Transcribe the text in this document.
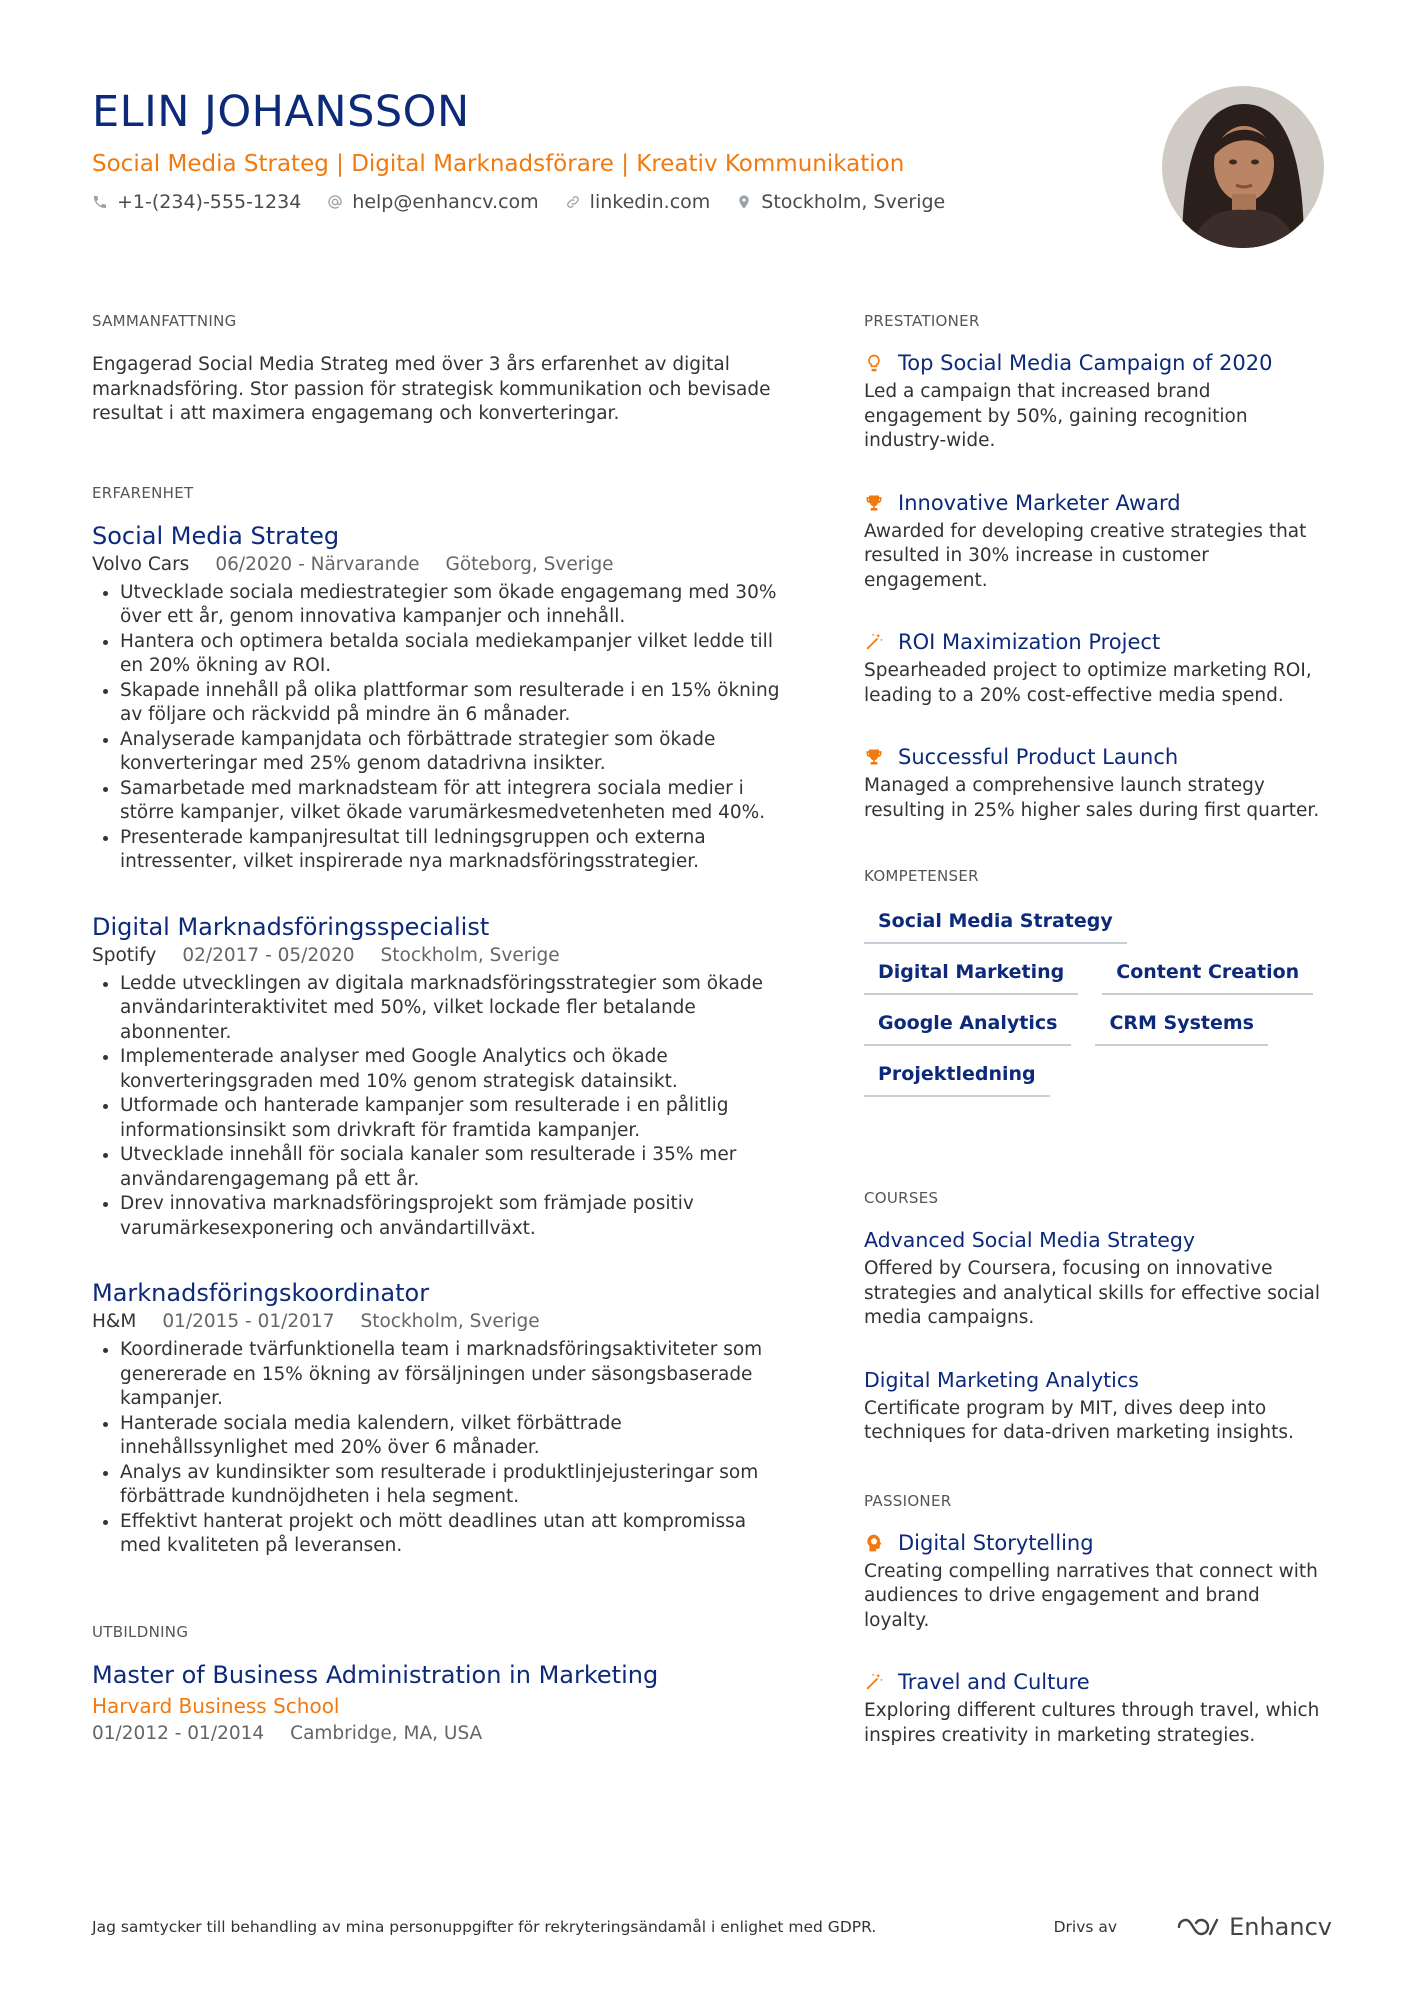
ELIN JOHANSSON
Social Media Strateg | Digital Marknadsförare | Kreativ Kommunikation
+1-(234)-555-1234	help@enhancv.com	linkedin.com	Stockholm, Sverige
SAMMANFATTNING

Engagerad Social Media Strateg med över 3 års erfarenhet av digital marknadsföring. Stor passion för strategisk kommunikation och bevisade resultat i att maximera engagemang och konverteringar.

ERFARENHET
Social Media Strateg
Volvo Cars 06/2020 - Närvarande Göteborg, Sverige
• Utvecklade sociala mediestrategier som ökade engagemang med 30% över ett år, genom innovativa kampanjer och innehåll.
• Hantera och optimera betalda sociala mediekampanjer vilket ledde till en 20% ökning av ROI.
• Skapade innehåll på olika plattformar som resulterade i en 15% ökning av följare och räckvidd på mindre än 6 månader.
• Analyserade kampanjdata och förbättrade strategier som ökade konverteringar med 25% genom datadrivna insikter.
• Samarbetade med marknadsteam för att integrera sociala medier i större kampanjer, vilket ökade varumärkesmedvetenheten med 40%.
• Presenterade kampanjresultat till ledningsgruppen och externa intressenter, vilket inspirerade nya marknadsföringsstrategier.
Digital Marknadsföringsspecialist
Spotify 02/2017 - 05/2020 Stockholm, Sverige
• Ledde utvecklingen av digitala marknadsföringsstrategier som ökade användarinteraktivitet med 50%, vilket lockade fler betalande abonnenter.
• Implementerade analyser med Google Analytics och ökade konverteringsgraden med 10% genom strategisk datainsikt.
• Utformade och hanterade kampanjer som resulterade i en pålitlig informationsinsikt som drivkraft för framtida kampanjer.
• Utvecklade innehåll för sociala kanaler som resulterade i 35% mer användarengagemang på ett år.
• Drev innovativa marknadsföringsprojekt som främjade positiv varumärkesexponering och användartillväxt.
Marknadsföringskoordinator
H&M 01/2015 - 01/2017 Stockholm, Sverige
• Koordinerade tvärfunktionella team i marknadsföringsaktiviteter som genererade en 15% ökning av försäljningen under säsongsbaserade kampanjer.
• Hanterade sociala media kalendern, vilket förbättrade innehållssynlighet med 20% över 6 månader.
• Analys av kundinsikter som resulterade i produktlinjejusteringar som förbättrade kundnöjdheten i hela segment.
• Effektivt hanterat projekt och mött deadlines utan att kompromissa med kvaliteten på leveransen.
UTBILDNING
Master of Business Administration in Marketing
Harvard Business School
01/2012 - 01/2014 Cambridge, MA, USA
PRESTATIONER
Top Social Media Campaign of 2020
Led a campaign that increased brand engagement by 50%, gaining recognition industry-wide.
Innovative Marketer Award
Awarded for developing creative strategies that resulted in 30% increase in customer engagement.
ROI Maximization Project
Spearheaded project to optimize marketing ROI, leading to a 20% cost-effective media spend.
Successful Product Launch
Managed a comprehensive launch strategy resulting in 25% higher sales during first quarter.
KOMPETENSER
Social Media Strategy
Digital Marketing	Content Creation
Google Analytics	CRM Systems
Projektledning
COURSES
Advanced Social Media Strategy
Offered by Coursera, focusing on innovative strategies and analytical skills for effective social media campaigns.
Digital Marketing Analytics
Certificate program by MIT, dives deep into techniques for data-driven marketing insights.
PASSIONER
Digital Storytelling
Creating compelling narratives that connect with audiences to drive engagement and brand loyalty.
Travel and Culture
Exploring different cultures through travel, which inspires creativity in marketing strategies.
Jag samtycker till behandling av mina personuppgifter för rekryteringsändamål i enlighet med GDPR.	Drivs av	Enhancv
